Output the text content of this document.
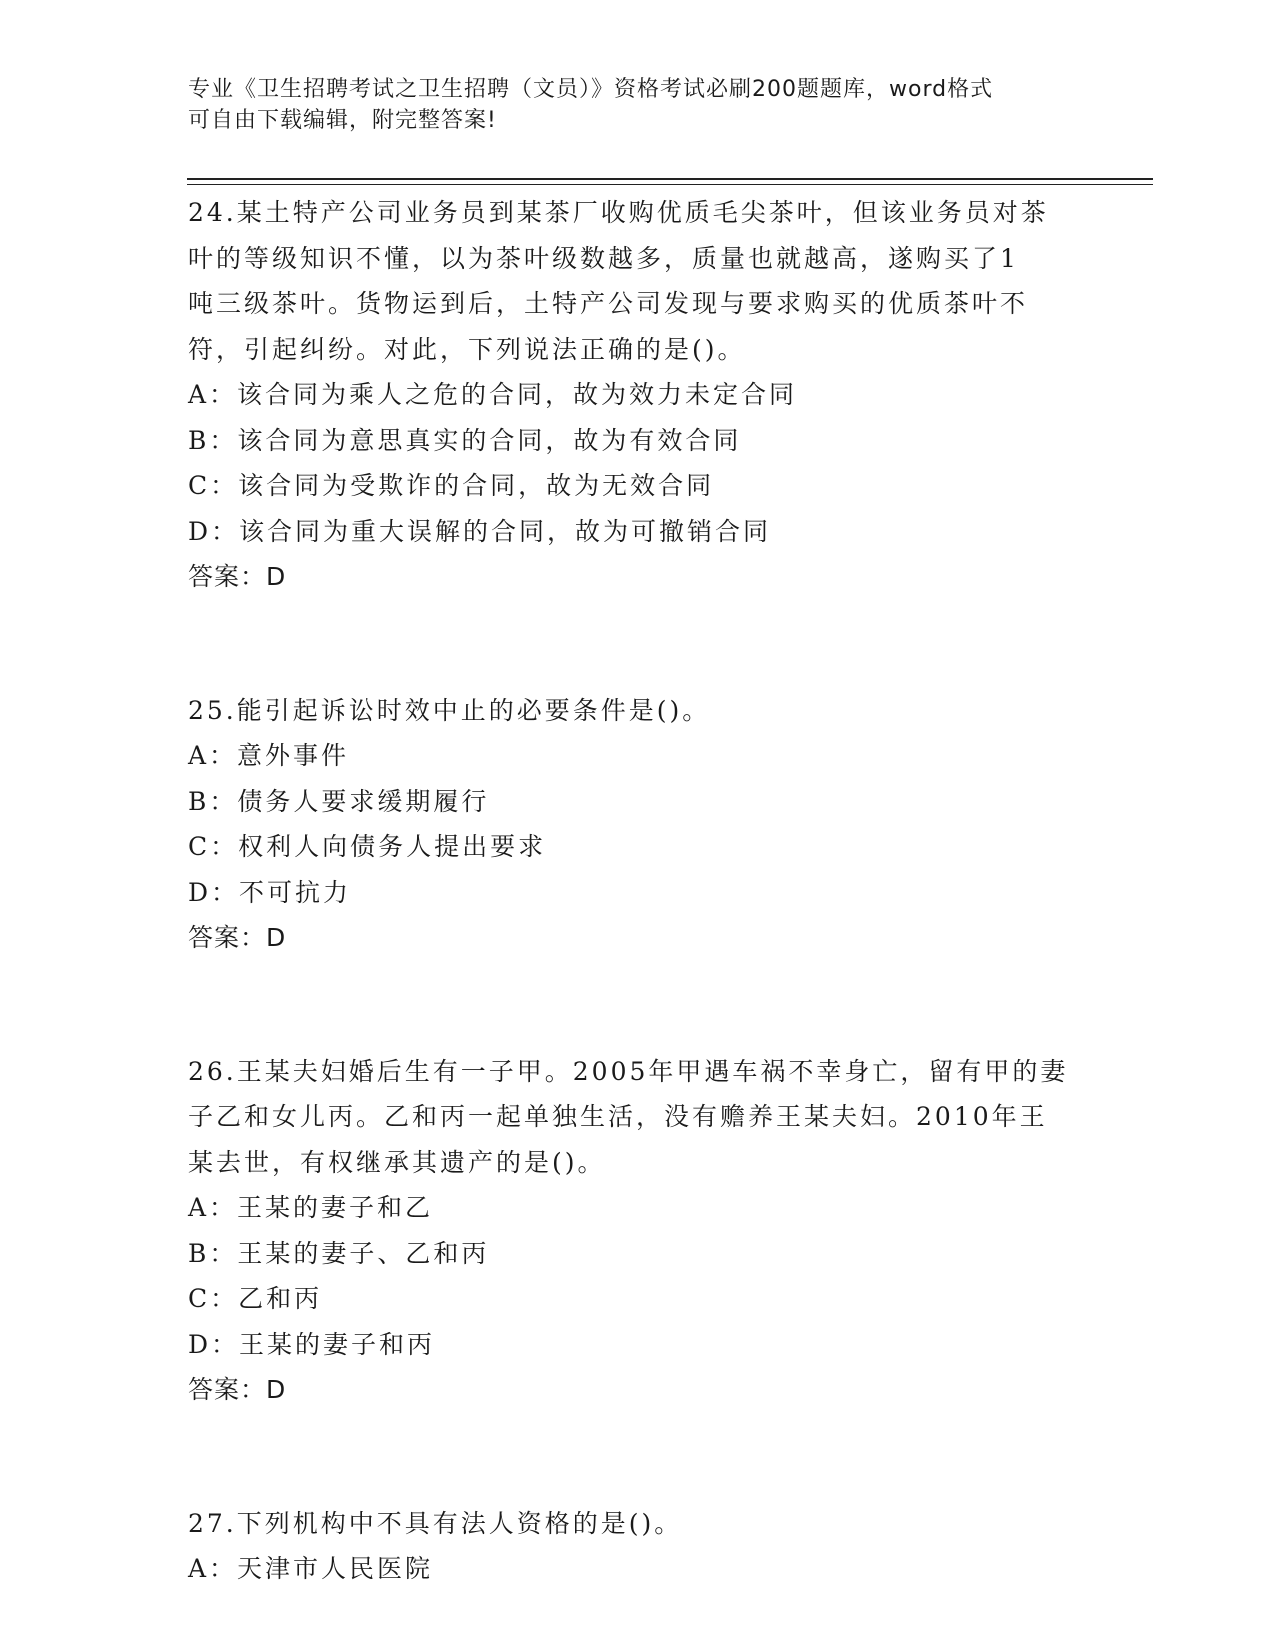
专业《卫生招聘考试之卫生招聘（文员）》资格考试必刷200题题库，word格式
可自由下载编辑，附完整答案!
24.某土特产公司业务员到某茶厂收购优质毛尖茶叶，但该业务员对茶
叶的等级知识不懂，以为茶叶级数越多，质量也就越高，遂购买了1
吨三级茶叶。货物运到后，土特产公司发现与要求购买的优质茶叶不
符，引起纠纷。对此，下列说法正确的是()。
A：该合同为乘人之危的合同，故为效力未定合同
B：该合同为意思真实的合同，故为有效合同
C：该合同为受欺诈的合同，故为无效合同
D：该合同为重大误解的合同，故为可撤销合同
答案：D
25.能引起诉讼时效中止的必要条件是()。
A：意外事件
B：债务人要求缓期履行
C：权利人向债务人提出要求
D：不可抗力
答案：D
26.王某夫妇婚后生有一子甲。2005年甲遇车祸不幸身亡，留有甲的妻
子乙和女儿丙。乙和丙一起单独生活，没有赡养王某夫妇。2010年王
某去世，有权继承其遗产的是()。
A：王某的妻子和乙
B：王某的妻子、乙和丙
C：乙和丙
D：王某的妻子和丙
答案：D
27.下列机构中不具有法人资格的是()。
A：天津市人民医院
